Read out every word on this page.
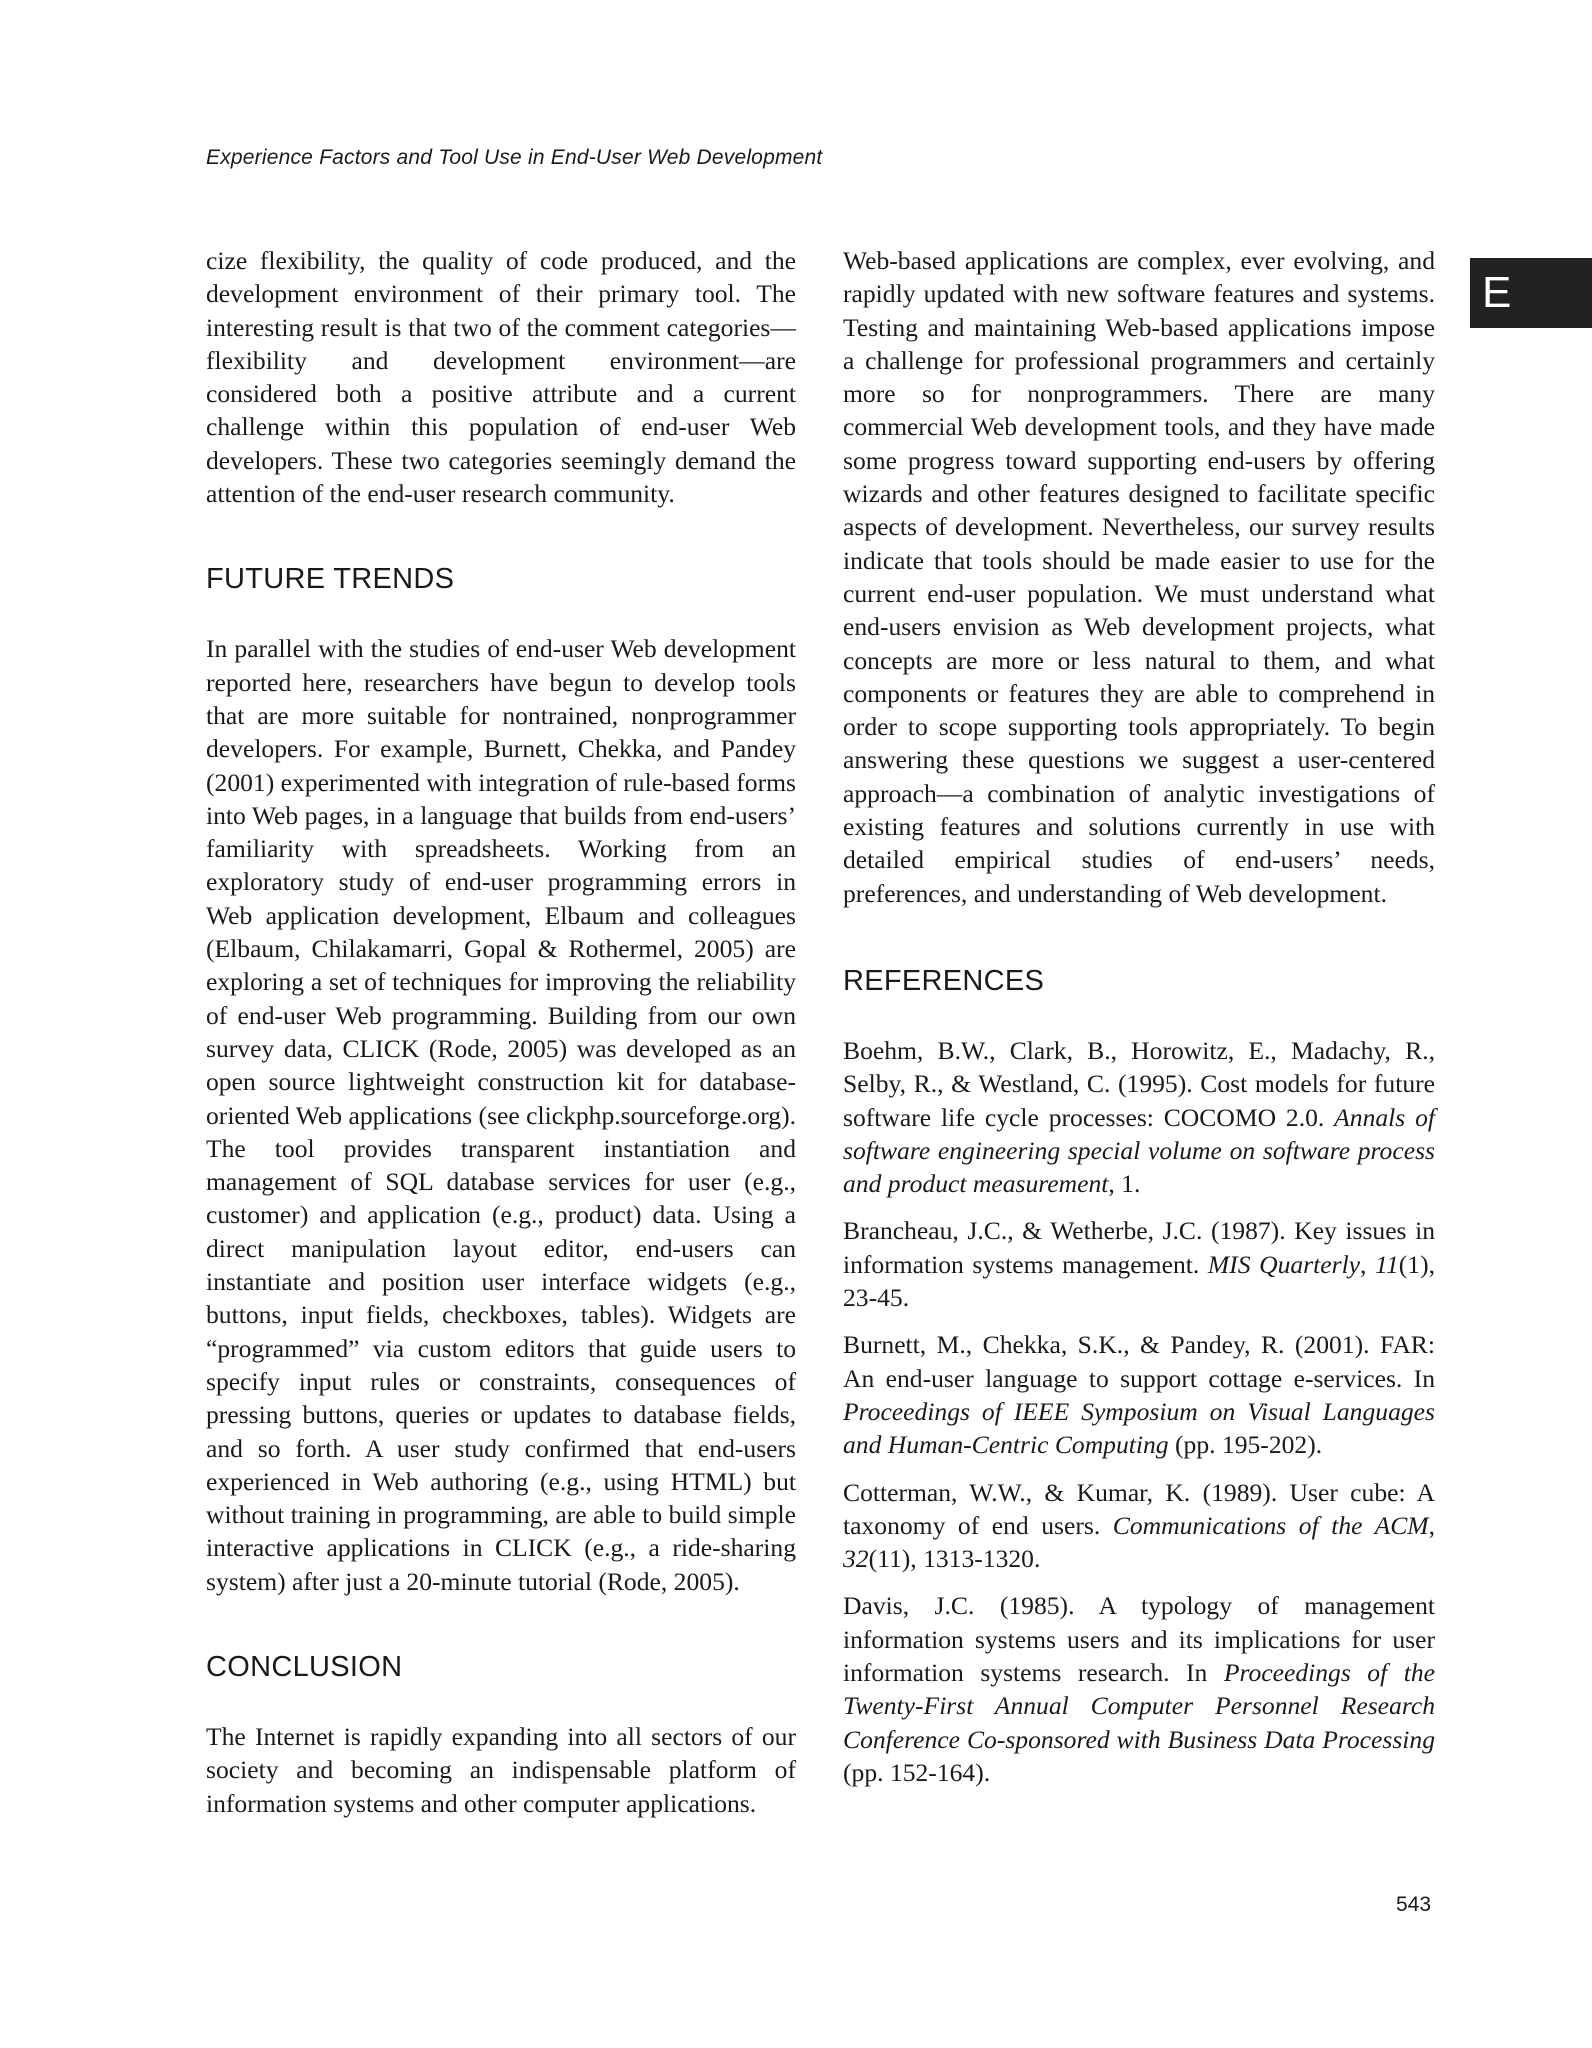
Experience Factors and Tool Use in End-User Web Development
E

cize flexibility, the quality of code produced, and the development environment of their primary tool. The interesting result is that two of the comment categories—flexibility and development environment—are considered both a positive attribute and a current challenge within this population of end-user Web developers. These two categories seemingly demand the attention of the end-user research community.

FUTURE TRENDS

In parallel with the studies of end-user Web development reported here, researchers have begun to develop tools that are more suitable for nontrained, nonprogrammer developers. For example, Burnett, Chekka, and Pandey (2001) experimented with integration of rule-based forms into Web pages, in a language that builds from end-users’ familiarity with spreadsheets. Working from an exploratory study of end-user programming errors in Web application development, Elbaum and colleagues (Elbaum, Chilakamarri, Gopal & Rothermel, 2005) are exploring a set of techniques for improving the reliability of end-user Web programming. Building from our own survey data, CLICK (Rode, 2005) was developed as an open source lightweight construction kit for database-oriented Web applications (see clickphp.sourceforge.org). The tool provides transparent instantiation and management of SQL database services for user (e.g., customer) and application (e.g., product) data. Using a direct manipulation layout editor, end-users can instantiate and position user interface widgets (e.g., buttons, input fields, checkboxes, tables). Widgets are “programmed” via custom editors that guide users to specify input rules or constraints, consequences of pressing buttons, queries or updates to database fields, and so forth. A user study confirmed that end-users experienced in Web authoring (e.g., using HTML) but without training in programming, are able to build simple interactive applications in CLICK (e.g., a ride-sharing system) after just a 20-minute tutorial (Rode, 2005).

CONCLUSION

The Internet is rapidly expanding into all sectors of our society and becoming an indispensable platform of information systems and other computer applications.

Web-based applications are complex, ever evolving, and rapidly updated with new software features and systems. Testing and maintaining Web-based applications impose a challenge for professional programmers and certainly more so for nonprogrammers. There are many commercial Web development tools, and they have made some progress toward supporting end-users by offering wizards and other features designed to facilitate specific aspects of development. Nevertheless, our survey results indicate that tools should be made easier to use for the current end-user population. We must understand what end-users envision as Web development projects, what concepts are more or less natural to them, and what components or features they are able to comprehend in order to scope supporting tools appropriately. To begin answering these questions we suggest a user-centered approach—a combination of analytic investigations of existing features and solutions currently in use with detailed empirical studies of end-users’ needs, preferences, and understanding of Web development.

REFERENCES

Boehm, B.W., Clark, B., Horowitz, E., Madachy, R., Selby, R., & Westland, C. (1995). Cost models for future software life cycle processes: COCOMO 2.0. Annals of software engineering special volume on software process and product measurement, 1.

Brancheau, J.C., & Wetherbe, J.C. (1987). Key issues in information systems management. MIS Quarterly, 11(1), 23-45.

Burnett, M., Chekka, S.K., & Pandey, R. (2001). FAR: An end-user language to support cottage e-services. In Proceedings of IEEE Symposium on Visual Languages and Human-Centric Computing (pp. 195-202).

Cotterman, W.W., & Kumar, K. (1989). User cube: A taxonomy of end users. Communications of the ACM, 32(11), 1313-1320.

Davis, J.C. (1985). A typology of management information systems users and its implications for user information systems research. In Proceedings of the Twenty-First Annual Computer Personnel Research Conference Co-sponsored with Business Data Processing (pp. 152-164).

543
